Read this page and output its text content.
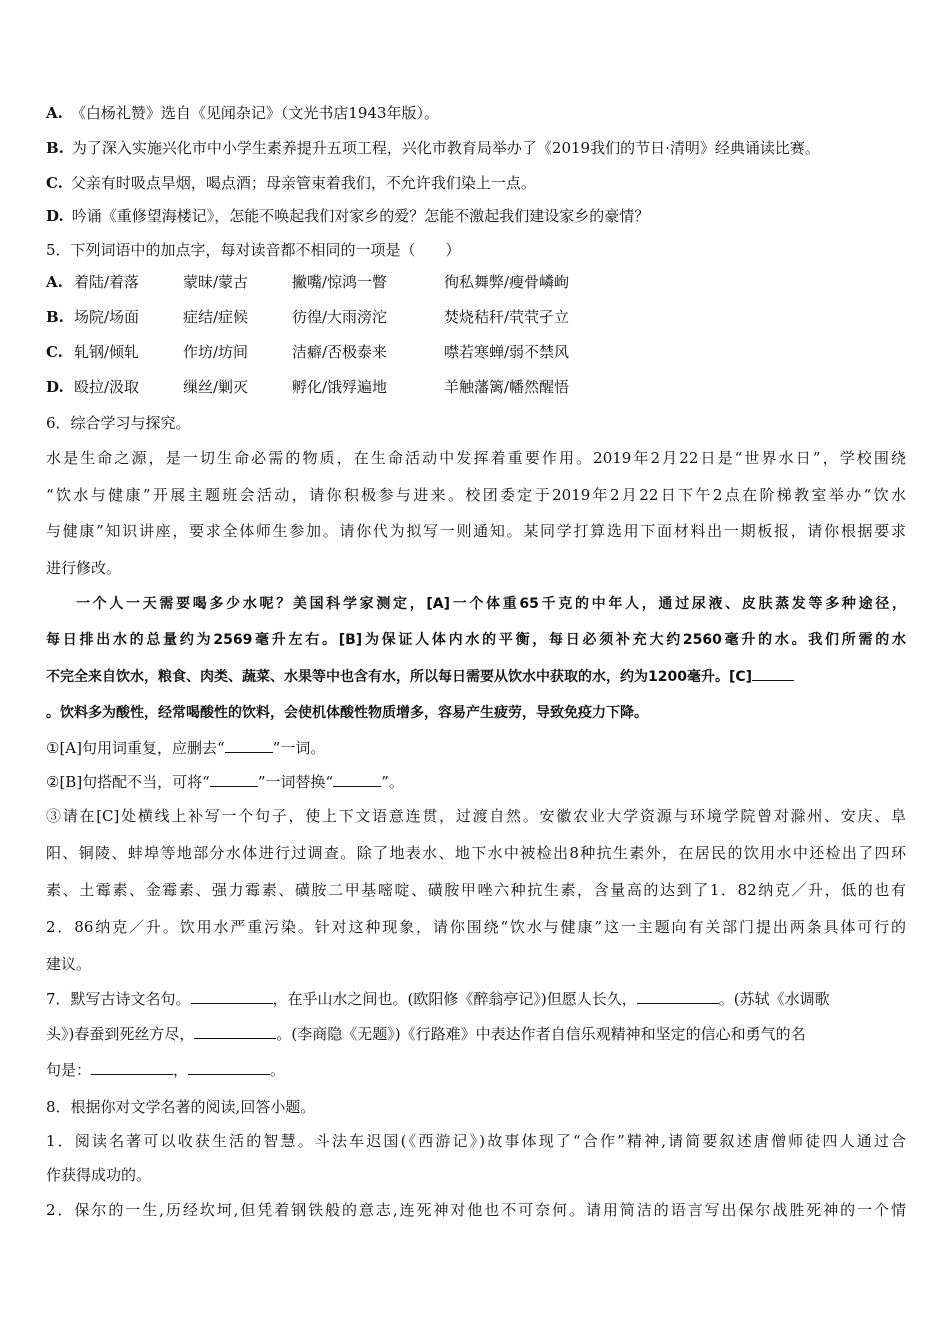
A. 《白杨礼赞》选自《见闻杂记》（文光书店1943年版）。
B. 为了深入实施兴化市中小学生素养提升五项工程，兴化市教育局举办了《2019我们的节日·清明》经典诵读比赛。
C. 父亲有时吸点旱烟，喝点酒；母亲管束着我们，不允许我们染上一点。
D. 吟诵《重修望海楼记》，怎能不唤起我们对家乡的爱？怎能不激起我们建设家乡的豪情？
5．下列词语中的加点字，每对读音都不相同的一项是（　　）
A. 着陆/着落	蒙昧/蒙古	撇嘴/惊鸿一瞥	徇私舞弊/瘦骨嶙峋
B. 场院/场面	症结/症候	彷徨/大雨滂沱	焚烧秸秆/茕茕孑立
C. 轧钢/倾轧	作坊/坊间	洁癖/否极泰来	噤若寒蝉/弱不禁风
D. 殴拉/汲取	缫丝/剿灭	孵化/饿殍遍地	羊触藩篱/幡然醒悟
6．综合学习与探究。
水是生命之源，是一切生命必需的物质，在生命活动中发挥着重要作用。2019年2月22日是“世界水日”，学校围绕
“饮水与健康”开展主题班会活动，请你积极参与进来。校团委定于2019年2月22日下午2点在阶梯教室举办“饮水
与健康”知识讲座，要求全体师生参加。请你代为拟写一则通知。某同学打算选用下面材料出一期板报，请你根据要求
进行修改。
一个人一天需要喝多少水呢？美国科学家测定，[A]一个体重65千克的中年人，通过尿液、皮肤蒸发等多种途径，
每日排出水的总量约为2569毫升左右。[B]为保证人体内水的平衡，每日必须补充大约2560毫升的水。我们所需的水
不完全来自饮水，粮食、肉类、蔬菜、水果等中也含有水，所以每日需要从饮水中获取的水，约为1200毫升。[C]
。饮料多为酸性，经常喝酸性的饮料，会使机体酸性物质增多，容易产生疲劳，导致免疫力下降。
①[A]句用词重复，应删去“	”一词。
②[B]句搭配不当，可将“	”一词替换“	”。
③请在[C]处横线上补写一个句子，使上下文语意连贯，过渡自然。安徽农业大学资源与环境学院曾对滁州、安庆、阜
阳、铜陵、蚌埠等地部分水体进行过调查。除了地表水、地下水中被检出8种抗生素外，在居民的饮用水中还检出了四环
素、土霉素、金霉素、强力霉素、磺胺二甲基嘧啶、磺胺甲唑六种抗生素，含量高的达到了1．82纳克／升，低的也有
2．86纳克／升。饮用水严重污染。针对这种现象，请你围绕“饮水与健康”这一主题向有关部门提出两条具体可行的
建议。
7．默写古诗文名句。	，在乎山水之间也。(欧阳修《醉翁亭记》)但愿人长久，	。(苏轼《水调歌
头》)春蚕到死丝方尽，	。(李商隐《无题》)《行路难》中表达作者自信乐观精神和坚定的信心和勇气的名
句是：	，	。
8．根据你对文学名著的阅读,回答小题。
1．阅读名著可以收获生活的智慧。斗法车迟国(《西游记》)故事体现了“合作”精神,请简要叙述唐僧师徒四人通过合
作获得成功的。
2．保尔的一生,历经坎坷,但凭着钢铁般的意志,连死神对他也不可奈何。请用简洁的语言写出保尔战胜死神的一个情
